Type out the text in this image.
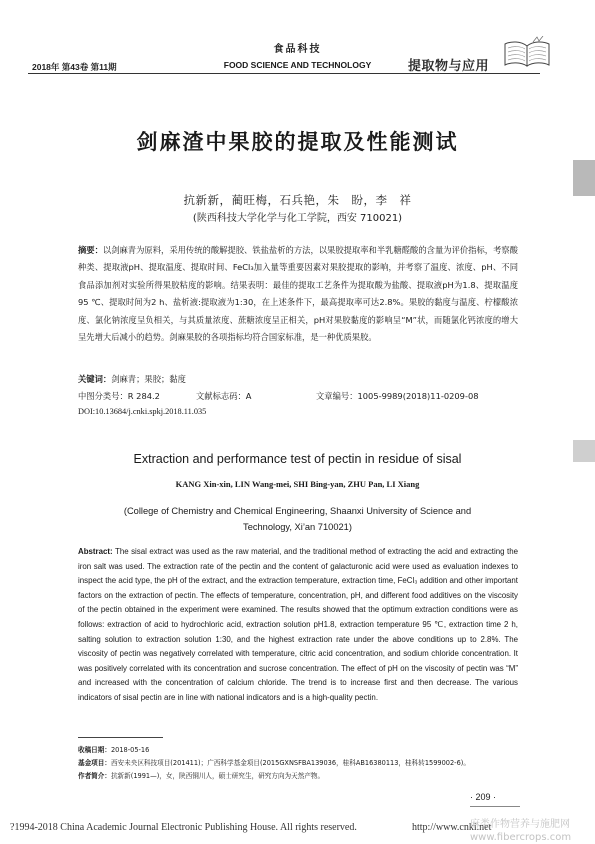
2018年 第43卷 第11期
食品科技
FOOD SCIENCE AND TECHNOLOGY	提取物与应用
剑麻渣中果胶的提取及性能测试
抗新新，蔺旺梅，石兵艳，朱　盼，李　祥
(陕西科技大学化学与化工学院，西安 710021)
摘要：以剑麻青为原料，采用传统的酸解提胶、铁盐盐析的方法，以果胶提取率和半乳糖醛酸的含量为评价指标，考察酸种类、提取液pH、提取温度、提取时间、FeCl₃加入量等重要因素对果胶提取的影响，并考察了温度、浓度、pH、不同食品添加剂对实验所得果胶粘度的影响。结果表明：最佳的提取工艺条件为提取酸为盐酸、提取液pH为1.8、提取温度95 ℃、提取时间为2 h、盐析液:提取液为1:30，在上述条件下，最高提取率可达2.8%。果胶的黏度与温度、柠檬酸浓度、氯化钠浓度呈负相关，与其质量浓度、蔗糖浓度呈正相关，pH对果胶黏度的影响呈“M”状，而随氯化钙浓度的增大呈先增大后减小的趋势。剑麻果胶的各项指标均符合国家标准，是一种优质果胶。
关键词：剑麻青；果胶；黏度
中图分类号：R 284.2	文献标志码：A	文章编号：1005-9989(2018)11-0209-08
DOI:10.13684/j.cnki.spkj.2018.11.035
Extraction and performance test of pectin in residue of sisal
KANG Xin-xin, LIN Wang-mei, SHI Bing-yan, ZHU Pan, LI Xiang
(College of Chemistry and Chemical Engineering, Shaanxi University of Science and Technology, Xi’an 710021)
Abstract: The sisal extract was used as the raw material, and the traditional method of extracting the acid and extracting the iron salt was used. The extraction rate of the pectin and the content of galacturonic acid were used as evaluation indexes to inspect the acid type, the pH of the extract, and the extraction temperature, extraction time, FeCl₃ addition and other important factors on the extraction of pectin. The effects of temperature, concentration, pH, and different food additives on the viscosity of the pectin obtained in the experiment were examined. The results showed that the optimum extraction conditions were as follows: extraction of acid to hydrochloric acid, extraction solution pH1.8, extraction temperature 95 ℃, extraction time 2 h, salting solution to extraction solution 1:30, and the highest extraction rate under the above conditions up to 2.8%. The viscosity of pectin was negatively correlated with temperature, citric acid concentration, and sodium chloride concentration. It was positively correlated with its concentration and sucrose concentration. The effect of pH on the viscosity of pectin was “M” and increased with the concentration of calcium chloride. The trend is to increase first and then decrease. The various indicators of sisal pectin are in line with national indicators and is a high-quality pectin.
收稿日期：2018-05-16
基金项目：西安未央区科技项目(201411)；广西科学基金项目(2015GXNSFBA139036，桂科AB16380113，桂科转1599002-6)。
作者简介：抗新新(1991—)，女，陕西铜川人，硕士研究生，研究方向为天然产物。
· 209 ·
?1994-2018 China Academic Journal Electronic Publishing House. All rights reserved.	http://www.cnki.net
麻类作物营养与施肥网
www.fibercrops.com
